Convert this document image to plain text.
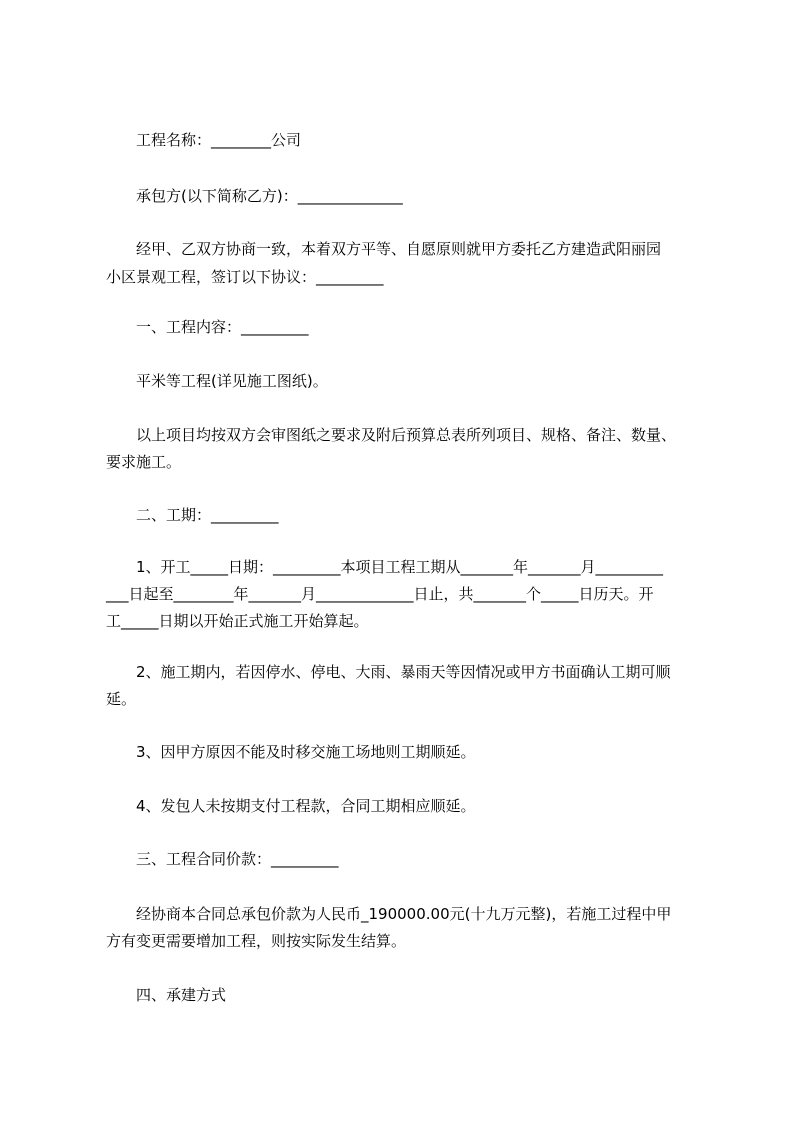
工程名称：________公司
承包方(以下简称乙方)：______________
经甲、乙双方协商一致，本着双方平等、自愿原则就甲方委托乙方建造武阳丽园
小区景观工程，签订以下协议：_________
一、工程内容：_________
平米等工程(详见施工图纸)。
以上项目均按双方会审图纸之要求及附后预算总表所列项目、规格、备注、数量、
要求施工。
二、工期：_________
1、开工_____日期：_________本项目工程工期从_______年_______月_________
___日起至________年_______月_____________日止，共_______个_____日历天。开
工_____日期以开始正式施工开始算起。
2、施工期内，若因停水、停电、大雨、暴雨天等因情况或甲方书面确认工期可顺
延。
3、因甲方原因不能及时移交施工场地则工期顺延。
4、发包人未按期支付工程款，合同工期相应顺延。
三、工程合同价款：_________
经协商本合同总承包价款为人民币_190000.00元(十九万元整)，若施工过程中甲
方有变更需要增加工程，则按实际发生结算。
四、承建方式
